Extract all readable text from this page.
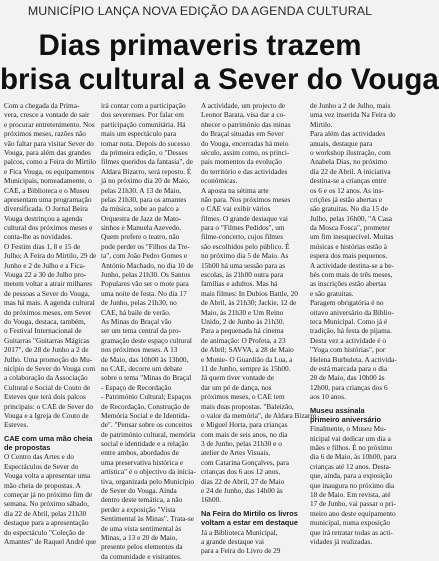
MUNICÍPIO LANÇA NOVA EDIÇÃO DA AGENDA CULTURAL
Dias primaveris trazem
brisa cultural a Sever do Vouga
Com a chegada da Prima-
vera, cresce a vontade de sair
e procurar entretenimento. Nos
próximos meses, razões não
vão faltar para visitar Sever do
Vouga, para além das grandes
palcos, como a Feira do Mirtilo
e Fica Vouga, os equipamentos
Municipais, nomeadamente, o
CAE, a Biblioteca e o Museu
apresentam uma programação
diversificada. O Jornal Beira
Vouga destrinçou a agenda
cultural dos próximos meses e
conta-lhe as novidades.
O Festim dias 1, 8 e 15 de
Julho; A Feira do Mirtilo, 29 de
Junho e 2 de Julho e a Fica-
Vouga 22 a 30 de Julho pro-
metem voltar a atrair milhares
de pessoas a Sever do Vouga,
mas há mais. A agenda cultural
do próximos meses, em Sever
do Vouga, destaca, também,
o Festival Internacional de
Guitarras "Guitarras Mágicas
2017", de 28 de Junho a 2 de
Julho. Uma promoção do Mu-
nicípio de Sever do Vouga com
a colaboração da Associação
Cultural e Social de Couto de
Esteves que terá dois palcos
principais: o CAE de Sever do
Vouga e a Igreja de Couto de
Esteves.
CAE com uma mão cheia
de propostas
O Centro das Artes e do
Espectáculos de Sever do
Vouga volta a apresentar uma
mão cheia de propostas. A
começar já no próximo fim de
semana. No próximo sábado,
dia 22 de Abril, pelas 21h30
destaque para a apresentação
do espectáculo "Coleção de
Amantes" de Raquel André que
irá contar com a participação
dos severenses. Por falar em
participação comunitária. Há
mais um espectáculo para
tomar nota. Depois do sucesso
da primeira edição, o "Desses
filmes queridos da fantasia", de
Aldara Bizarro, será reposto. É
já no próximo dia 20 de Maio,
pelas 21h30. A 13 de Maio,
pelas 21h30, para os amantes
da música, sobe ao palco a
Orquestra de Jazz de Mato-
sinhos e Manuela Azevedo.
Quem prefere o teatro, não
pode perder os "Filhos da Tre-
ta", com João Pedro Gomes e
António Machado, no dia 10 de
Junho, pelas 21h30. Os Santos
Populares vão ser o mote para
uma noite de festa. No dia 17
de Junho, pelas 21h30, no
CAE, há baile de verão.
As Minas do Braçal vão
ser um tema central da pro-
gramação deste espaço cultural
nos próximos meses. A 13
de Maio, das 10h00 às 13h00,
no CAE, decorre um debate
sobre o tema "Minas do Braçal
- Espaço de Recordação
- Património Cultural; Espaços
de Recordação, Construção de
Memória Social e de Identida-
de". "Pensar sobre os conceitos
de património cultural, memória
social e identidade e a relação
entre ambos, abordados de
uma preservativa histórica e
artística" é o objectivo da inicia-
tiva, organizada pelo Município
de Sever do Vouga. Ainda
dentro deste temática, a não
perder a exposição "Vista
Sentimental às Minas". Trata-se
de uma vista sentimental às
Minas, a 13 e 20 de Maio,
presente pelos elementos da
da comunidade e visitantes.
A actividade, um projecto de
Leonor Barata, visa dar a co-
nhecer o património das minas
do Braçal situadas em Sever
do Vouga, encerradas há meio
século, assim como, os princi-
pais momentos da evolução
do território e das actividades
económicas.
A aposta na sétima arte
não para. Nos próximos meses
o CAE vai exibir vários
filmes. O grande destaque vai
para o "Filmes Pedidos", um
filme-concerto, cujos filmes
são escolhidos pelo público. É
no próximo dia 5 de Maio. As
15h00 há uma sessão para as
escolas, às 21h00 outra para
famílias e adultos. Mas há
mais filmes: In Dubios Battle, 20
de Abril, às 21h30; Jackie, 12 de
Maio, às 21h30 e Um Reino
Unido, 2 de Junho às 21h30.
Para a pequenada há cinema
de animação: O Profeta, a 23
de Abril; SAVVA, a 28 de Maio
e Munie- O Guardião da Lua, a
11 de Junho, sempre às 15h00.
Já quem tiver vontade de
dar um pé de dança, nos
próximos meses, o CAE tem
mais duas propostas. "Baleizão,
o valor da memória", de Aldara Bizarro
e Miguel Horta, para crianças
com mais de seis anos, no dia
3 de Junho, pelas 21h30 e o
atelier de Artes Visuais,
com Catarina Gonçalves, para
crianças dos 6 aos 12 anos,
dias 22 de Abril, 27 de Maio
e 24 de Junho, das 14h00 às
16h00.
Na Feira do Mirtilo os livros
voltam a estar em destaque
Já a Biblioteca Municipal,
a grande destaque vai
para a Feira do Livro de 29
de Junho a 2 de Julho, mais
uma vez inserida Na Feira do
Mirtilo.
Para além das actividades
anuais, destaque para
o workshop ilustração, com
Anabela Dias, no próximo
dia 22 de Abril. A iniciativa
destina-se a crianças entre
os 6 e os 12 anos. As ins-
crições já estão abertas e
são gratuitas. No dia 15 de
Julho, pelas 16h00, "A Casa
da Mosca Fosca", prometer
um fim inesquecível. Muitas
músicas e histórias estão à
espera dos mais pequenos.
A actividade destina-se a be-
bés com mais de três meses,
as inscrições estão abertas
e são gratuitas.
Paragem obrigatória é no
oitavo aniversário da Biblio-
teca Municipal. Como já é
tradição, há festa de pijama.
Desta vez a actividade é o
"Yoga com histórias", por
Helena Burbuleta. A activida-
de está marcada para o dia
20 de Maio, das 10h00 às
12h00, para crianças dos 6
aos 10 anos.
Museu assinala
primeiro aniversário
Finalmente, o Museu Mu-
nicipal vai dedicar um dia a
mães e filhos. É no próximo
dia 6 de Maio, às 10h00, para
crianças até 12 anos. Desta-
que, ainda, para a exposição
que inaugura no próximo dia
18 de Maio. Em revista, até
17 de Junho, vai passar o pri-
meiro ano deste equipamento
municipal, numa exposição
que irá retratar todas as acti-
vidades já realizadas.
